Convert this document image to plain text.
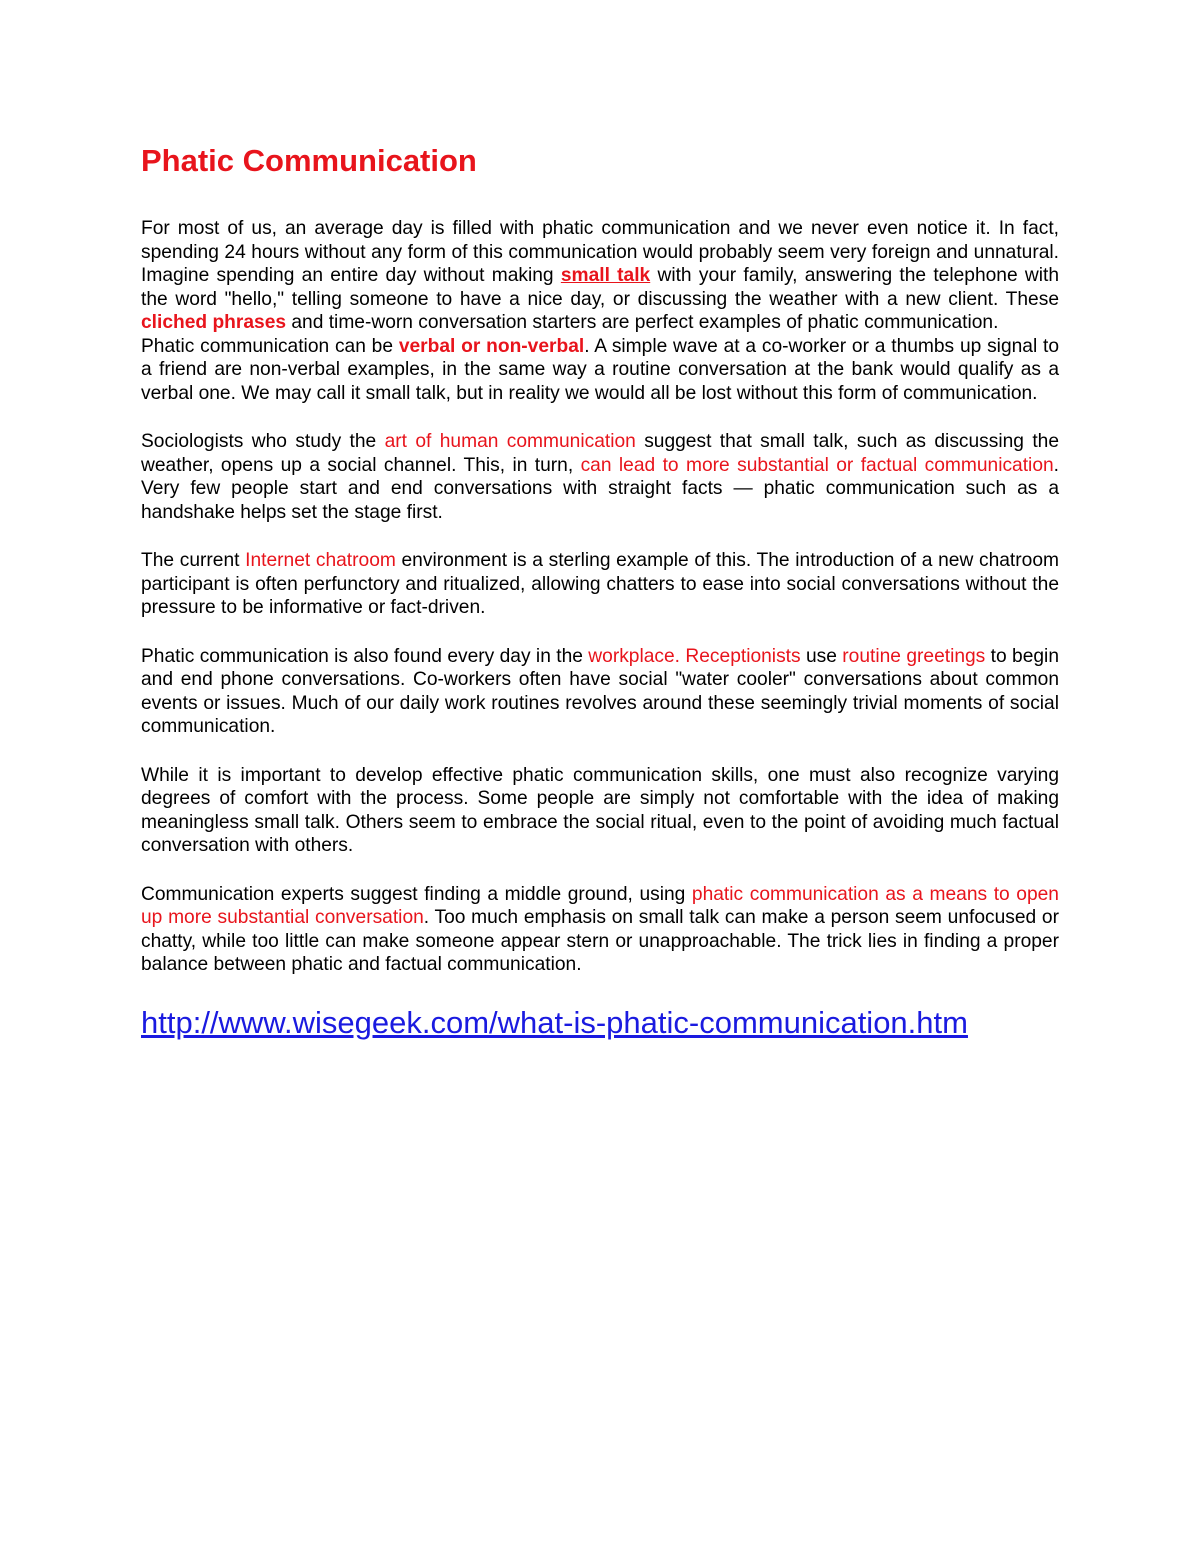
Phatic Communication

For most of us, an average day is filled with phatic communication and we never even notice it. In fact, spending 24 hours without any form of this communication would probably seem very foreign and unnatural. Imagine spending an entire day without making small talk with your family, answering the telephone with the word "hello," telling someone to have a nice day, or discussing the weather with a new client. These cliched phrases and time-worn conversation starters are perfect examples of phatic communication.

Phatic communication can be verbal or non-verbal. A simple wave at a co-worker or a thumbs up signal to a friend are non-verbal examples, in the same way a routine conversation at the bank would qualify as a verbal one. We may call it small talk, but in reality we would all be lost without this form of communication.

Sociologists who study the art of human communication suggest that small talk, such as discussing the weather, opens up a social channel. This, in turn, can lead to more substantial or factual communication. Very few people start and end conversations with straight facts — phatic communication such as a handshake helps set the stage first.

The current Internet chatroom environment is a sterling example of this. The introduction of a new chatroom participant is often perfunctory and ritualized, allowing chatters to ease into social conversations without the pressure to be informative or fact-driven.

Phatic communication is also found every day in the workplace. Receptionists use routine greetings to begin and end phone conversations. Co-workers often have social "water cooler" conversations about common events or issues. Much of our daily work routines revolves around these seemingly trivial moments of social communication.

While it is important to develop effective phatic communication skills, one must also recognize varying degrees of comfort with the process. Some people are simply not comfortable with the idea of making meaningless small talk. Others seem to embrace the social ritual, even to the point of avoiding much factual conversation with others.

Communication experts suggest finding a middle ground, using phatic communication as a means to open up more substantial conversation. Too much emphasis on small talk can make a person seem unfocused or chatty, while too little can make someone appear stern or unapproachable. The trick lies in finding a proper balance between phatic and factual communication.

http://www.wisegeek.com/what-is-phatic-communication.htm
